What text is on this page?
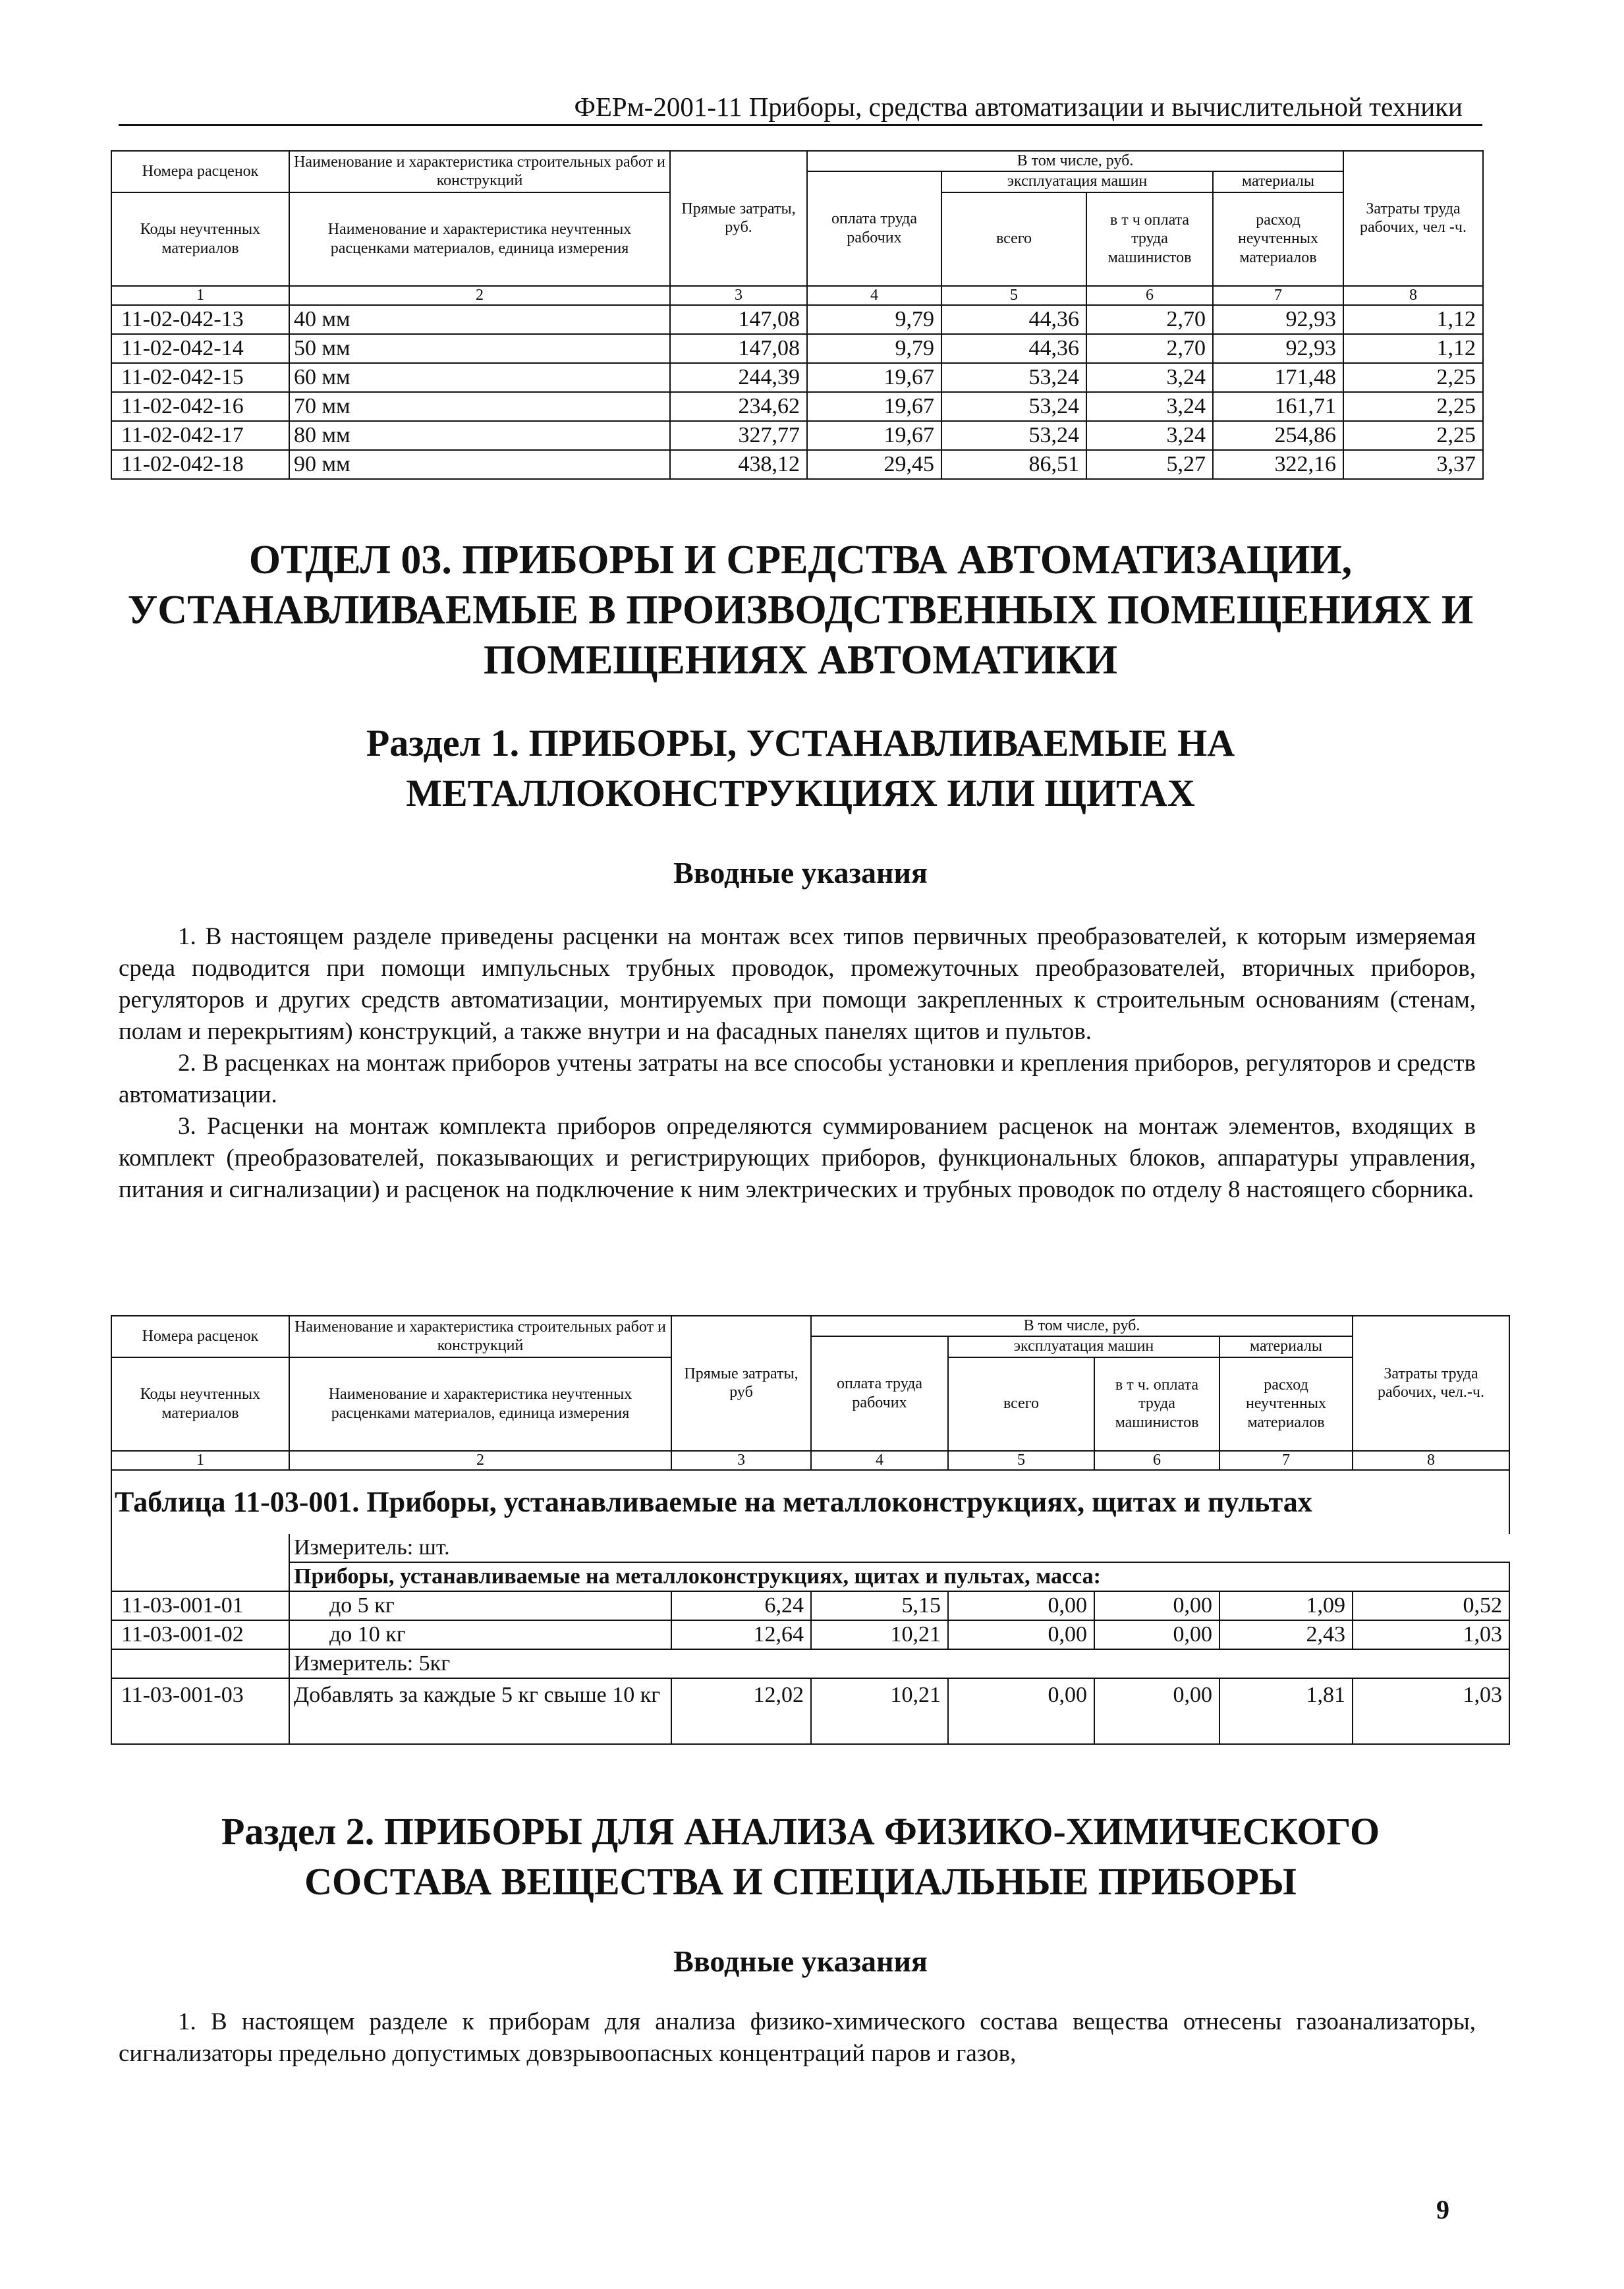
ФЕРм-2001-11 Приборы, средства автоматизации и вычислительной техники
Номера расценок	Наименование и характеристика строительных работ и конструкций	Прямые затраты, руб.	В том числе, руб.				Затраты труда рабочих, чел -ч.
			оплата труда рабочих	эксплуатация машин		материалы	
Коды неучтенных материалов	Наименование и характеристика неучтенных расценками материалов, единица измерения			всего	в т ч оплата труда машинистов	расход неучтенных материалов	

1	2	3	4	5	6	7	8
11-02-042-13	40 мм	147,08	9,79	44,36	2,70	92,93	1,12
11-02-042-14	50 мм	147,08	9,79	44,36	2,70	92,93	1,12
11-02-042-15	60 мм	244,39	19,67	53,24	3,24	171,48	2,25
11-02-042-16	70 мм	234,62	19,67	53,24	3,24	161,71	2,25
11-02-042-17	80 мм	327,77	19,67	53,24	3,24	254,86	2,25
11-02-042-18	90 мм	438,12	29,45	86,51	5,27	322,16	3,37
ОТДЕЛ 03. ПРИБОРЫ И СРЕДСТВА АВТОМАТИЗАЦИИ,
УСТАНАВЛИВАЕМЫЕ В ПРОИЗВОДСТВЕННЫХ ПОМЕЩЕНИЯХ И
ПОМЕЩЕНИЯХ АВТОМАТИКИ
Раздел 1. ПРИБОРЫ, УСТАНАВЛИВАЕМЫЕ НА
МЕТАЛЛОКОНСТРУКЦИЯХ ИЛИ ЩИТАХ
Вводные указания

1. В настоящем разделе приведены расценки на монтаж всех типов первичных преобразователей, к которым измеряемая среда подводится при помощи импульсных трубных проводок, промежуточных преобразователей, вторичных приборов, регуляторов и других средств автоматизации, монтируемых при помощи закрепленных к строительным основаниям (стенам, полам и перекрытиям) конструкций, а также внутри и на фасадных панелях щитов и пультов.

2. В расценках на монтаж приборов учтены затраты на все способы установки и крепления приборов, регуляторов и средств автоматизации.

3. Расценки на монтаж комплекта приборов определяются суммированием расценок на монтаж элементов, входящих в комплект (преобразователей, показывающих и регистрирующих приборов, функциональных блоков, аппаратуры управления, питания и сигнализации) и расценок на подключение к ним электрических и трубных проводок по отделу 8 настоящего сборника.

Номера расценок	Наименование и характеристика строительных работ и конструкций	Прямые затраты, руб	В том числе, руб.				Затраты труда рабочих, чел.-ч.
			оплата труда рабочих	эксплуатация машин		материалы	
Коды неучтенных материалов	Наименование и характеристика неучтенных расценками материалов, единица измерения			всего	в т ч. оплата труда машинистов	расход неучтенных материалов	

1	2	3	4	5	6	7	8
Таблица 11-03-001. Приборы, устанавливаемые на металлоконструкциях, щитах и пультах							
	Измеритель: шт.						
	Приборы, устанавливаемые на металлоконструкциях, щитах и пультах, масса:						
11-03-001-01	до 5 кг	6,24	5,15	0,00	0,00	1,09	0,52
11-03-001-02	до 10 кг	12,64	10,21	0,00	0,00	2,43	1,03
	Измеритель: 5кг						
11-03-001-03	Добавлять за каждые 5 кг свыше 10 кг	12,02	10,21	0,00	0,00	1,81	1,03
Раздел 2. ПРИБОРЫ ДЛЯ АНАЛИЗА ФИЗИКО-ХИМИЧЕСКОГО
СОСТАВА ВЕЩЕСТВА И СПЕЦИАЛЬНЫЕ ПРИБОРЫ
Вводные указания

1. В настоящем разделе к приборам для анализа физико-химического состава вещества отнесены газоанализаторы, сигнализаторы предельно допустимых довзрывоопасных концентраций паров и газов,

9
